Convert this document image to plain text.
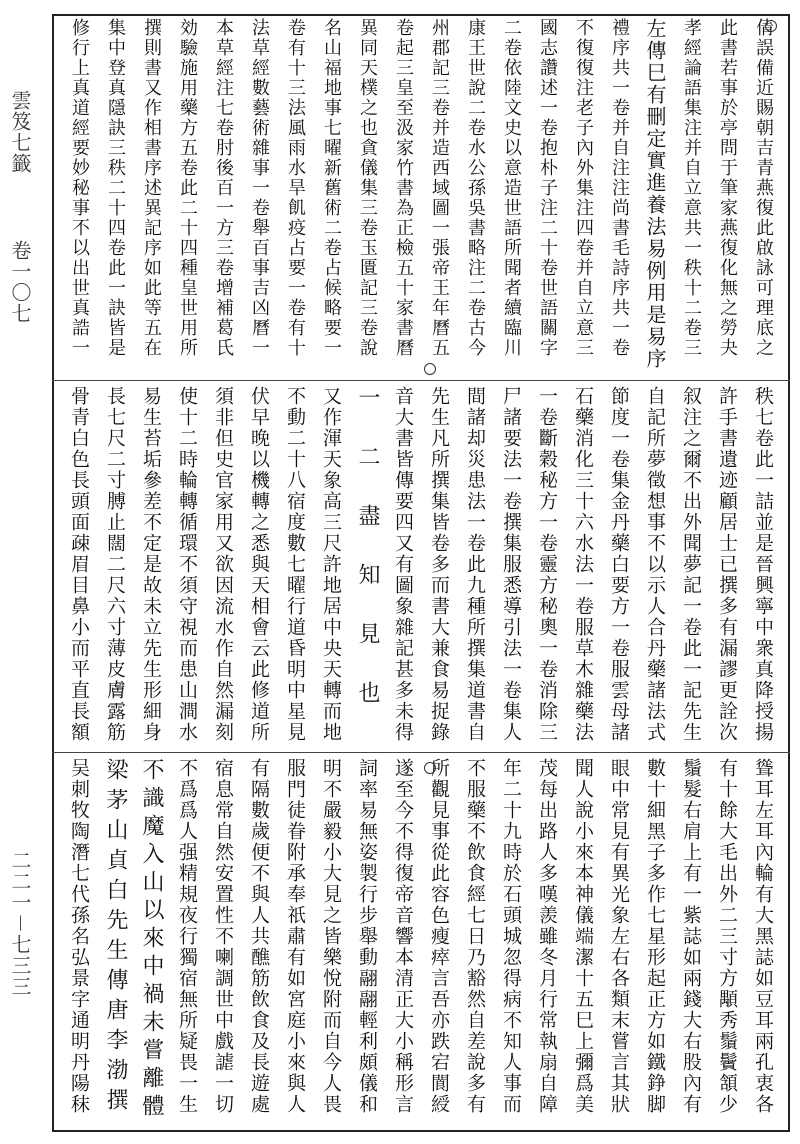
雲笈七籤
卷一〇七
二二一－七三三
倩誤備近賜朝吉青燕復此啟詠可理底之
此書若事於亭問于筆家燕復化無之勞夬
孝經論語集注并自立意共一秩十二卷三
左傳巳有刪定實進養法易例用是易序
禮序共一卷并自注注尚書毛詩序共一卷
不復復注老子內外集注四卷并自立意三
國志讚述一卷抱朴子注二十卷世語關字
二卷依陸文史以意造世語所聞者續臨川
康王世說二卷水公孫吳書略注二卷古今
州郡記三卷并造西域圖一張帝王年曆五
卷起三皇至汲家竹書為正檢五十家書曆
異同天樸之也貪儀集三卷玉匱記三卷說
名山福地事七曜新舊術二卷占候略要一
卷有十三法風雨水旱飢疫占要一卷有十
法草經數藝術雜事一卷舉百事吉凶曆一
本草經注七卷肘後百一方三卷增補葛氏
効驗施用藥方五卷此二十四種皇世用所
撰則書又作相書序述異記序如此等五在
集中登真隱訣三秩二十四卷此一訣皆是
修行上真道經要妙秘事不以出世真誥一
秩七卷此一詰並是晉興寧中衆真降授揚
許手書遺迹顧居士已撰多有漏謬更詮次
叙注之爾不出外聞夢記一卷此一記先生
自記所夢徵想事不以示人合丹藥諸法式
節度一卷集金丹藥白要方一卷服雲母諸
石藥消化三十六水法一卷服草木雜藥法
一卷斷穀秘方一卷靈方秘奧一卷消除三
尸諸要法一卷撰集服悉導引法一卷集人
間諸却災患法一卷此九種所撰集道書自
先生凡所撰集皆卷多而書大兼食易捉錄
音大書皆傳要四又有圖象雜記甚多未得
一二盡知見也
又作渾天象高三尺許地居中央天轉而地
不動二十八宿度數七曜行道昏明中星見
伏早晚以機轉之悉與天相會云此修道所
須非但史官家用又欲因流水作自然漏刻
使十二時輪轉循環不須守視而患山澗水
易生苔垢參差不定是故未立先生形細身
長七尺二寸膊止闊二尺六寸薄皮膚露筋
骨青白色長頭面疎眉目鼻小而平直長額
聳耳左耳內輪有大黑誌如豆耳兩孔衷各
有十餘大毛出外二三寸方顒秀鬚鬢頷少
鬚髮右肩上有一紫誌如兩錢大右股內有
數十細黑子多作七星形起正方如鐵錚脚
眼中常見有異光象左右各類末嘗言其狀
聞人說小來本神儀端潔十五巳上彌爲美
茂每出路人多嘆羨雖冬月行常執扇自障
年二十九時於石頭城忽得病不知人事而
不服藥不飲食經七日乃豁然自差說多有
所觀見事從此容色瘦瘁言吾亦跌宕閬綬
遂至今不得復帝音響本清正大小稱形言
詞率易無姿製行步舉動翮翮輕利頗儀和
明不嚴毅小大見之皆樂悅附而自今人畏
服門徒眷附承奉祇肅有如宮庭小來與人
有隔數歲便不與人共醮筋飲食及長遊處
宿息常自然安置性不喇調世中戲謔一切
不爲爲人强精規夜行獨宿無所疑畏一生
不識魔入山以來中禍未嘗離體
梁茅山貞白先生傳唐李渤撰
吴刺牧陶潛七代孫名弘景字通明丹陽秣
